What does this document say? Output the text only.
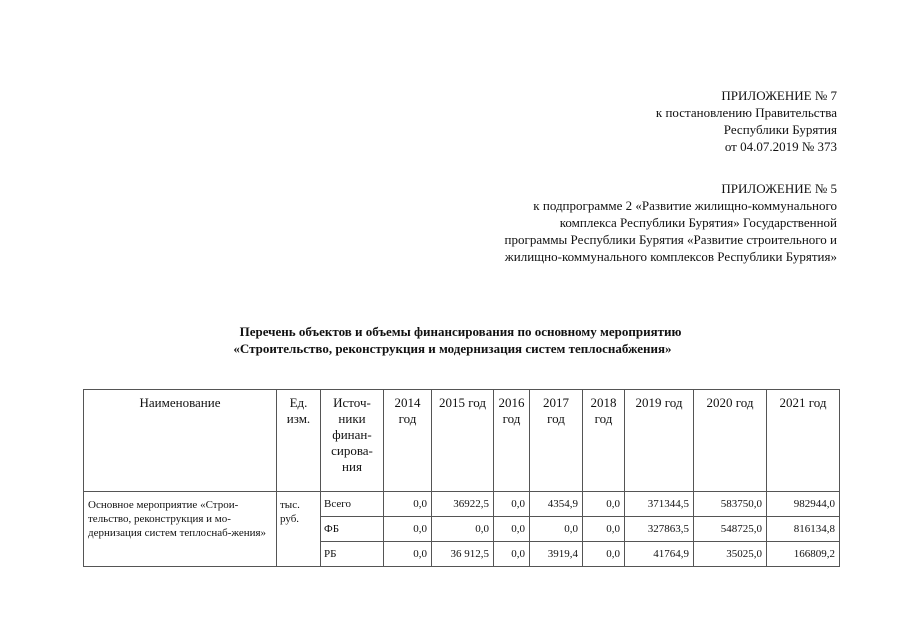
ПРИЛОЖЕНИЕ № 7
к постановлению Правительства
Республики Бурятия
от 04.07.2019 № 373
ПРИЛОЖЕНИЕ № 5
к подпрограмме 2 «Развитие жилищно-коммунального
комплекса Республики Бурятия» Государственной
программы Республики Бурятия «Развитие строительного и
жилищно-коммунального комплексов Республики Бурятия»
Перечень объектов и объемы финансирования по основному мероприятию
«Строительство, реконструкция и модернизация систем теплоснабжения»
Наименование	Ед. изм.	Источ-ники финан-сирова-ния	2014 год	2015 год	2016 год	2017 год	2018 год	2019 год	2020 год	2021 год
Основное мероприятие «Строи-тельство, реконструкция и мо-дернизация систем теплоснаб-жения»	тыс. руб.	Всего	0,0	36922,5	0,0	4354,9	0,0	371344,5	583750,0	982944,0
		ФБ	0,0	0,0	0,0	0,0	0,0	327863,5	548725,0	816134,8
		РБ	0,0	36 912,5	0,0	3919,4	0,0	41764,9	35025,0	166809,2
